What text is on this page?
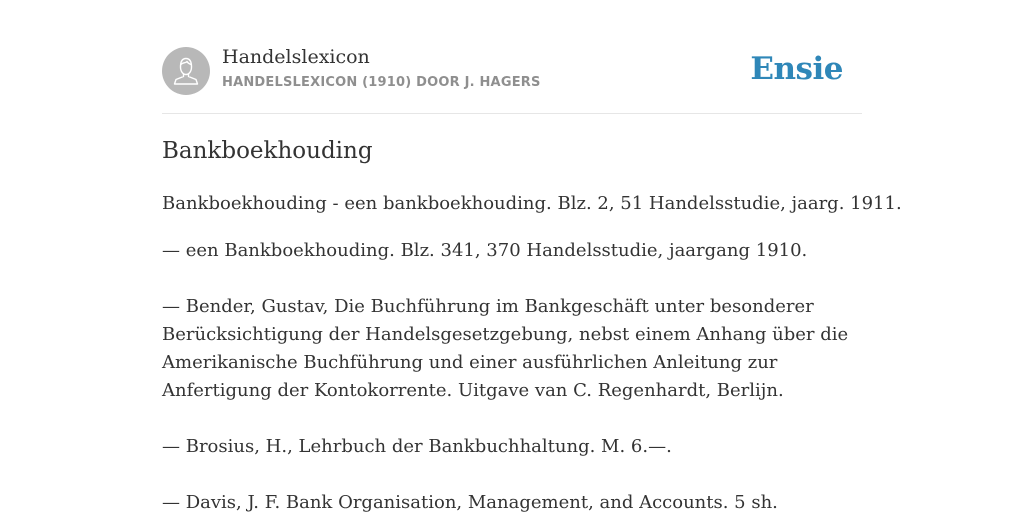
Handelslexicon
HANDELSLEXICON (1910) DOOR J. HAGERS	Ensie
Bankboekhouding

Bankboekhouding - een bankboekhouding. Blz. 2, 51 Handelsstudie, jaarg. 1911.

— een Bankboekhouding. Blz. 341, 370 Handelsstudie, jaargang 1910.

— Bender, Gustav, Die Buchführung im Bankgeschäft unter besonderer Berücksichtigung der Handelsgesetzgebung, nebst einem Anhang über die Amerikanische Buchführung und einer ausführlichen Anleitung zur Anfertigung der Kontokorrente. Uitgave van C. Regenhardt, Berlijn.

— Brosius, H., Lehrbuch der Bankbuchhaltung. M. 6.—.

— Davis, J. F. Bank Organisation, Management, and Accounts. 5 sh.
